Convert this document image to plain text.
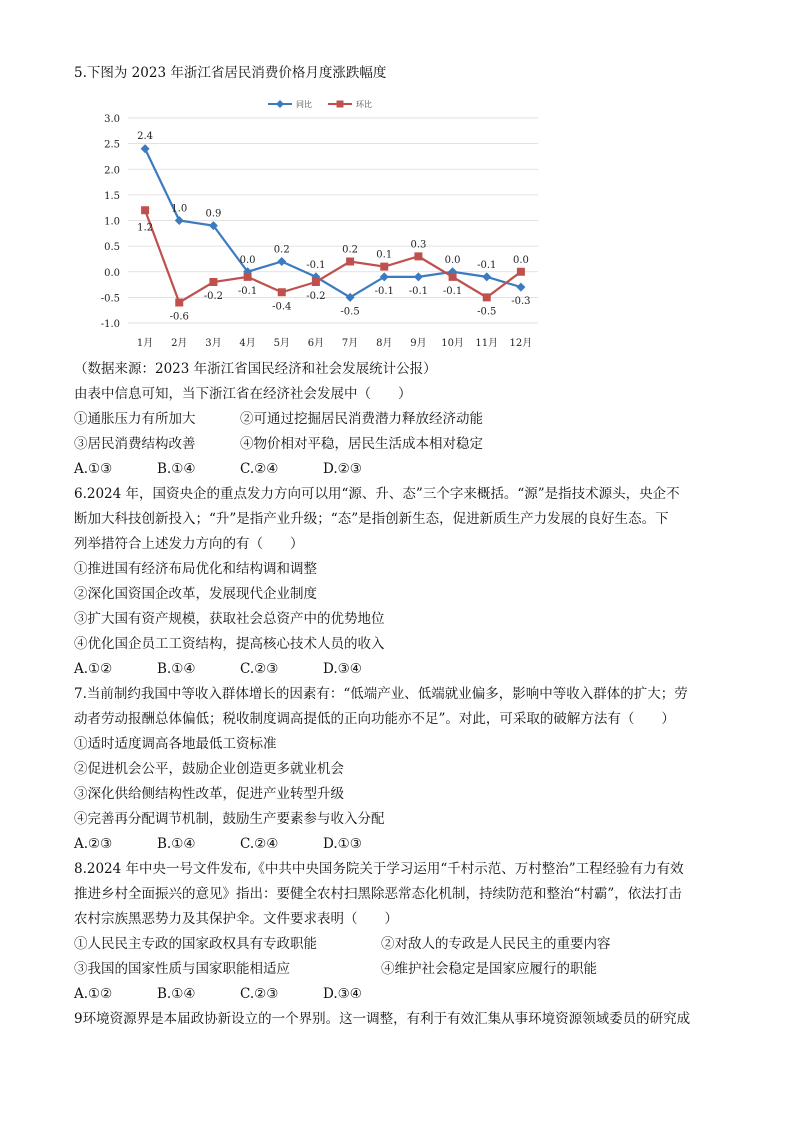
5.下图为 2023 年浙江省居民消费价格月度涨跌幅度
3.0
2.5
2.0
1.5
1.0
0.5
0.0
-0.5
-1.0
1月 2月 3月 4月 5月 6月 7月 8月 9月 10月 11月 12月
同比	环比
2.4
1.2
1.0
-0.6
0.9
-0.2
0.0
-0.1
0.2
-0.4
-0.1
-0.2
-0.5
0.2
-0.1
0.1
-0.1
0.3
0.0
-0.1
-0.1
-0.5
-0.3
0.0
（数据来源：2023 年浙江省国民经济和社会发展统计公报）
由表中信息可知，当下浙江省在经济社会发展中（　　）
①通胀压力有所加大	②可通过挖掘居民消费潜力释放经济动能
③居民消费结构改善	④物价相对平稳，居民生活成本相对稳定
A.①③	B.①④	C.②④	D.②③
6.2024 年，国资央企的重点发力方向可以用“源、升、态”三个字来概括。“源”是指技术源头，央企不
断加大科技创新投入；“升”是指产业升级；“态”是指创新生态，促进新质生产力发展的良好生态。下
列举措符合上述发力方向的有（　　）
①推进国有经济布局优化和结构调和调整
②深化国资国企改革，发展现代企业制度
③扩大国有资产规模，获取社会总资产中的优势地位
④优化国企员工工资结构，提高核心技术人员的收入
A.①②	B.①④	C.②③	D.③④
7.当前制约我国中等收入群体增长的因素有：“低端产业、低端就业偏多，影响中等收入群体的扩大；劳
动者劳动报酬总体偏低；税收制度调高提低的正向功能亦不足”。对此，可采取的破解方法有（　　）
①适时适度调高各地最低工资标准
②促进机会公平，鼓励企业创造更多就业机会
③深化供给侧结构性改革，促进产业转型升级
④完善再分配调节机制，鼓励生产要素参与收入分配
A.②③	B.①④	C.②④	D.①③
8.2024 年中央一号文件发布,《中共中央国务院关于学习运用“千村示范、万村整治”工程经验有力有效
推进乡村全面振兴的意见》指出：要健全农村扫黑除恶常态化机制，持续防范和整治“村霸”，依法打击
农村宗族黑恶势力及其保护伞。文件要求表明（　　）
①人民民主专政的国家政权具有专政职能	②对敌人的专政是人民民主的重要内容
③我国的国家性质与国家职能相适应	④维护社会稳定是国家应履行的职能
A.①②	B.①④	C.②③	D.③④
9环境资源界是本届政协新设立的一个界别。这一调整，有利于有效汇集从事环境资源领域委员的研究成
